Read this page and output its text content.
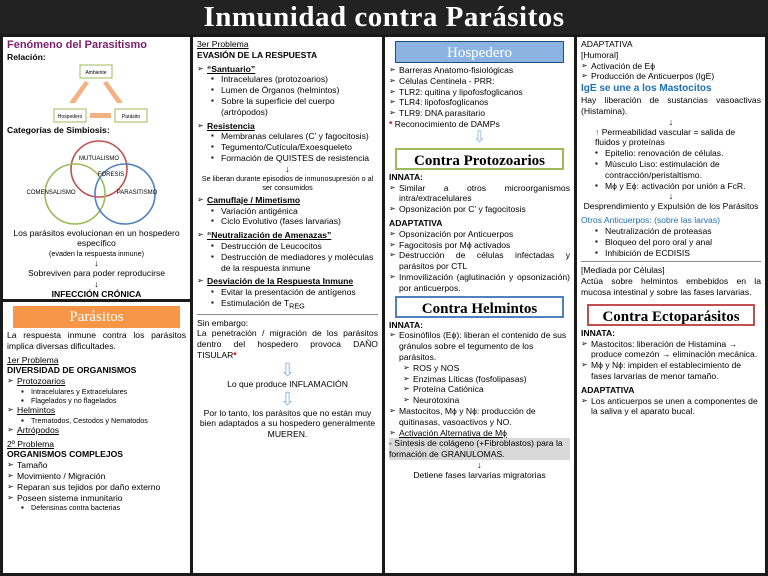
Inmunidad contra Parásitos
Fenómeno del Parasitismo
Relación:
Ambiente
Hospedero	Parásito
Categorías de Simbiosis:
MUTUALISMO
FORESIS
COMENSALISMO	PARASITISMO
Los parásitos evolucionan en un hospedero específico
(evaden la respuesta inmune)
↓
Sobreviven para poder reproducirse
↓
INFECCIÓN CRÓNICA
Parásitos
La respuesta inmune contra los parásitos implica diversas dificultades.
1er Problema
DIVERSIDAD DE ORGANISMOS
➢ Protozoarios
▪ Intracelulares y Extracelulares
▪ Flagelados y no flagelados
➢ Helmintos
▪ Trematodos, Cestodos y Nematodos
➢ Artrópodos
2º Problema
ORGANISMOS COMPLEJOS
➢ Tamaño
➢ Movimiento / Migración
➢ Reparan sus tejidos por daño externo
➢ Poseen sistema inmunitario
▪ Defensinas contra bacterias
3er Problema
EVASIÓN DE LA RESPUESTA
➢ “Santuario”
▪ Intracelulares (protozoarios)
▪ Lumen de Órganos (helmintos)
▪ Sobre la superficie del cuerpo (artrópodos)
➢ Resistencia
▪ Membranas celulares (C’ y fagocitosis)
▪ Tegumento/Cutícula/Exoesqueleto
▪ Formación de QUISTES de resistencia
↓
Se liberan durante episodios de inmunosupresión o al ser consumidos
➢ Camuflaje / Mimetismo
▪ Variación antigénica
▪ Ciclo Evolutivo (fases larvarias)
➢ “Neutralización de Amenazas”
▪ Destrucción de Leucocitos
▪ Destrucción de mediadores y moléculas de la respuesta inmune
➢ Desviación de la Respuesta Inmune
▪ Evitar la presentación de antígenos
▪ Estimulación de $T_{REG}$
Sin embargo:
La penetración / migración de los parásitos dentro del hospedero provoca DAÑO TISULAR*
⇩
Lo que produce INFLAMACIÓN
⇩
Por lo tanto, los parásitos que no están muy bien adaptados a su hospedero generalmente MUEREN.
Hospedero
➢ Barreras Anatomo-fisiológicas
➢ Células Centinela - PRR:
➢ TLR2: quitina y lipofosfoglicanos
➢ TLR4: lipofosfoglicanos
➢ TLR9: DNA parasitario
* Reconocimiento de DAMPs
⇩
Contra Protozoarios
INNATA:
➢ Similar a otros microorganismos intra/extracelulares
➢ Opsonización por C’ y fagocitosis
ADAPTATIVA
➢ Opsonización por Anticuerpos
➢ Fagocitosis por Mϕ activados
➢ Destrucción de células infectadas y parásitos por CTL
➢ Inmovilización (aglutinación y opsonización) por anticuerpos.
Contra Helmintos
INNATA:
➢ Eosinófilos (Eϕ): liberan el contenido de sus gránulos sobre el tegumento de los parásitos.
➢ ROS y NOS
➢ Enzimas Líticas (fosfolipasas)
➢ Proteína Catiónica
➢ Neurotoxina
➢ Mastocitos, Mϕ y Nϕ: producción de quitinasas, vasoactivos y NO.
➢ Activación Alternativa de Mϕ
- Síntesis de colágeno (+Fibroblastos) para la formación de GRANULOMAS.
↓
Detiene fases larvarias migratorias
ADAPTATIVA
[Humoral]
➢ Activación de Eϕ
➢ Producción de Anticuerpos (IgE)
IgE se une a los Mastocitos
Hay liberación de sustancias vasoactivas (Histamina).
↓
↑ Permeabilidad vascular = salida de fluidos y proteínas
▪ Epitelio: renovación de células.
▪ Músculo Liso: estimulación de contracción/peristaltismo.
▪ Mϕ y Eϕ: activación por unión a FcR.
↓
Desprendimiento y Expulsión de los Parásitos
Otros Anticuerpos: (sobre las larvas)
▪ Neutralización de proteasas
▪ Bloqueo del poro oral y anal
▪ Inhibición de ECDISIS
[Mediada por Células]
Actúa sobre helmintos embebidos en la mucosa intestinal y sobre las fases larvarias.
Contra Ectoparásitos
INNATA:
➢ Mastocitos: liberación de Histamina → produce comezón → eliminación mecánica.
➢ Mϕ y Nϕ: impiden el establecimiento de fases larvarias de menor tamaño.
ADAPTATIVA
➢ Los anticuerpos se unen a componentes de la saliva y el aparato bucal.
